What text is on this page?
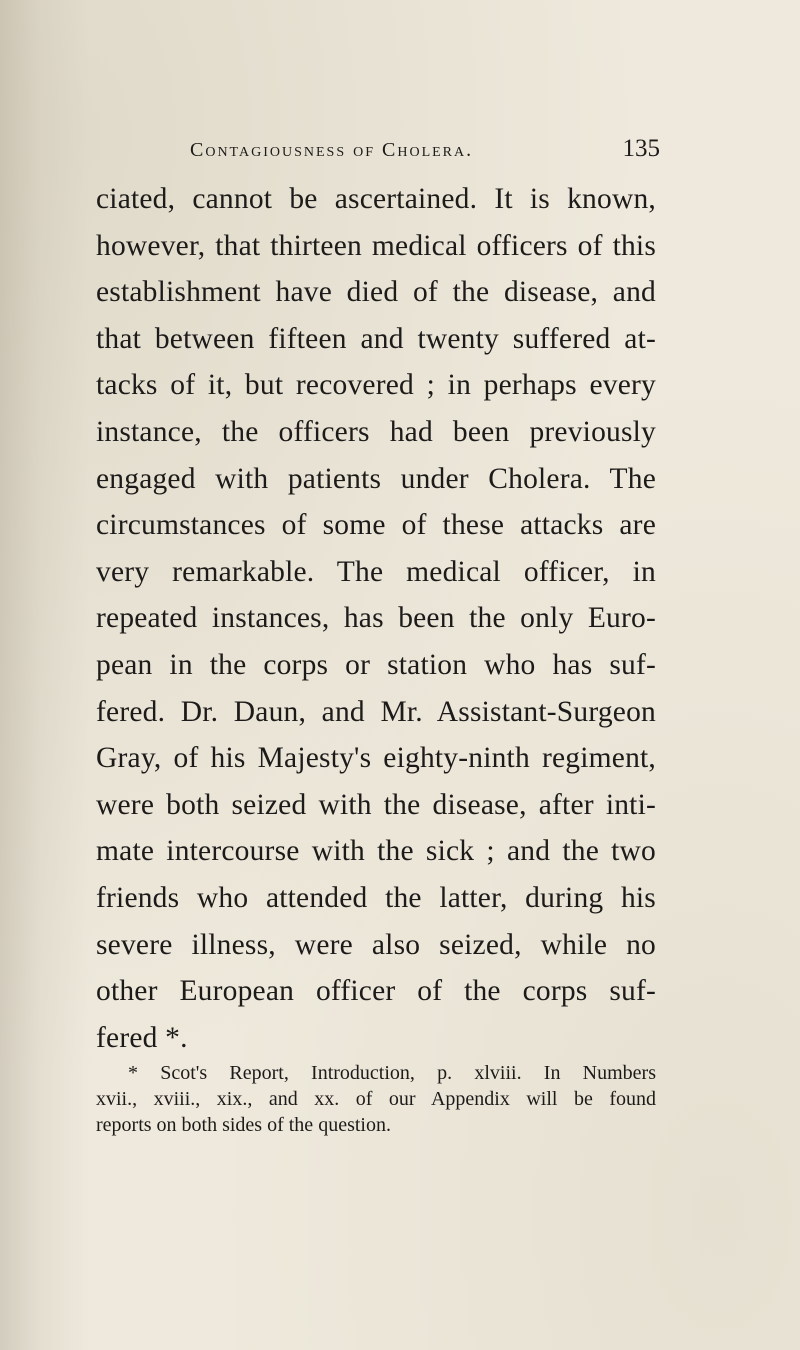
Contagiousness of Cholera.	135
ciated, cannot be ascertained. It is known,
however, that thirteen medical officers of this
establishment have died of the disease, and
that between fifteen and twenty suffered at-
tacks of it, but recovered ; in perhaps every
instance, the officers had been previously
engaged with patients under Cholera. The
circumstances of some of these attacks are
very remarkable. The medical officer, in
repeated instances, has been the only Euro-
pean in the corps or station who has suf-
fered. Dr. Daun, and Mr. Assistant-Surgeon
Gray, of his Majesty's eighty-ninth regiment,
were both seized with the disease, after inti-
mate intercourse with the sick ; and the two
friends who attended the latter, during his
severe illness, were also seized, while no
other European officer of the corps suf-
fered *.
* Scot's Report, Introduction, p. xlviii. In Numbers
xvii., xviii., xix., and xx. of our Appendix will be found
reports on both sides of the question.
